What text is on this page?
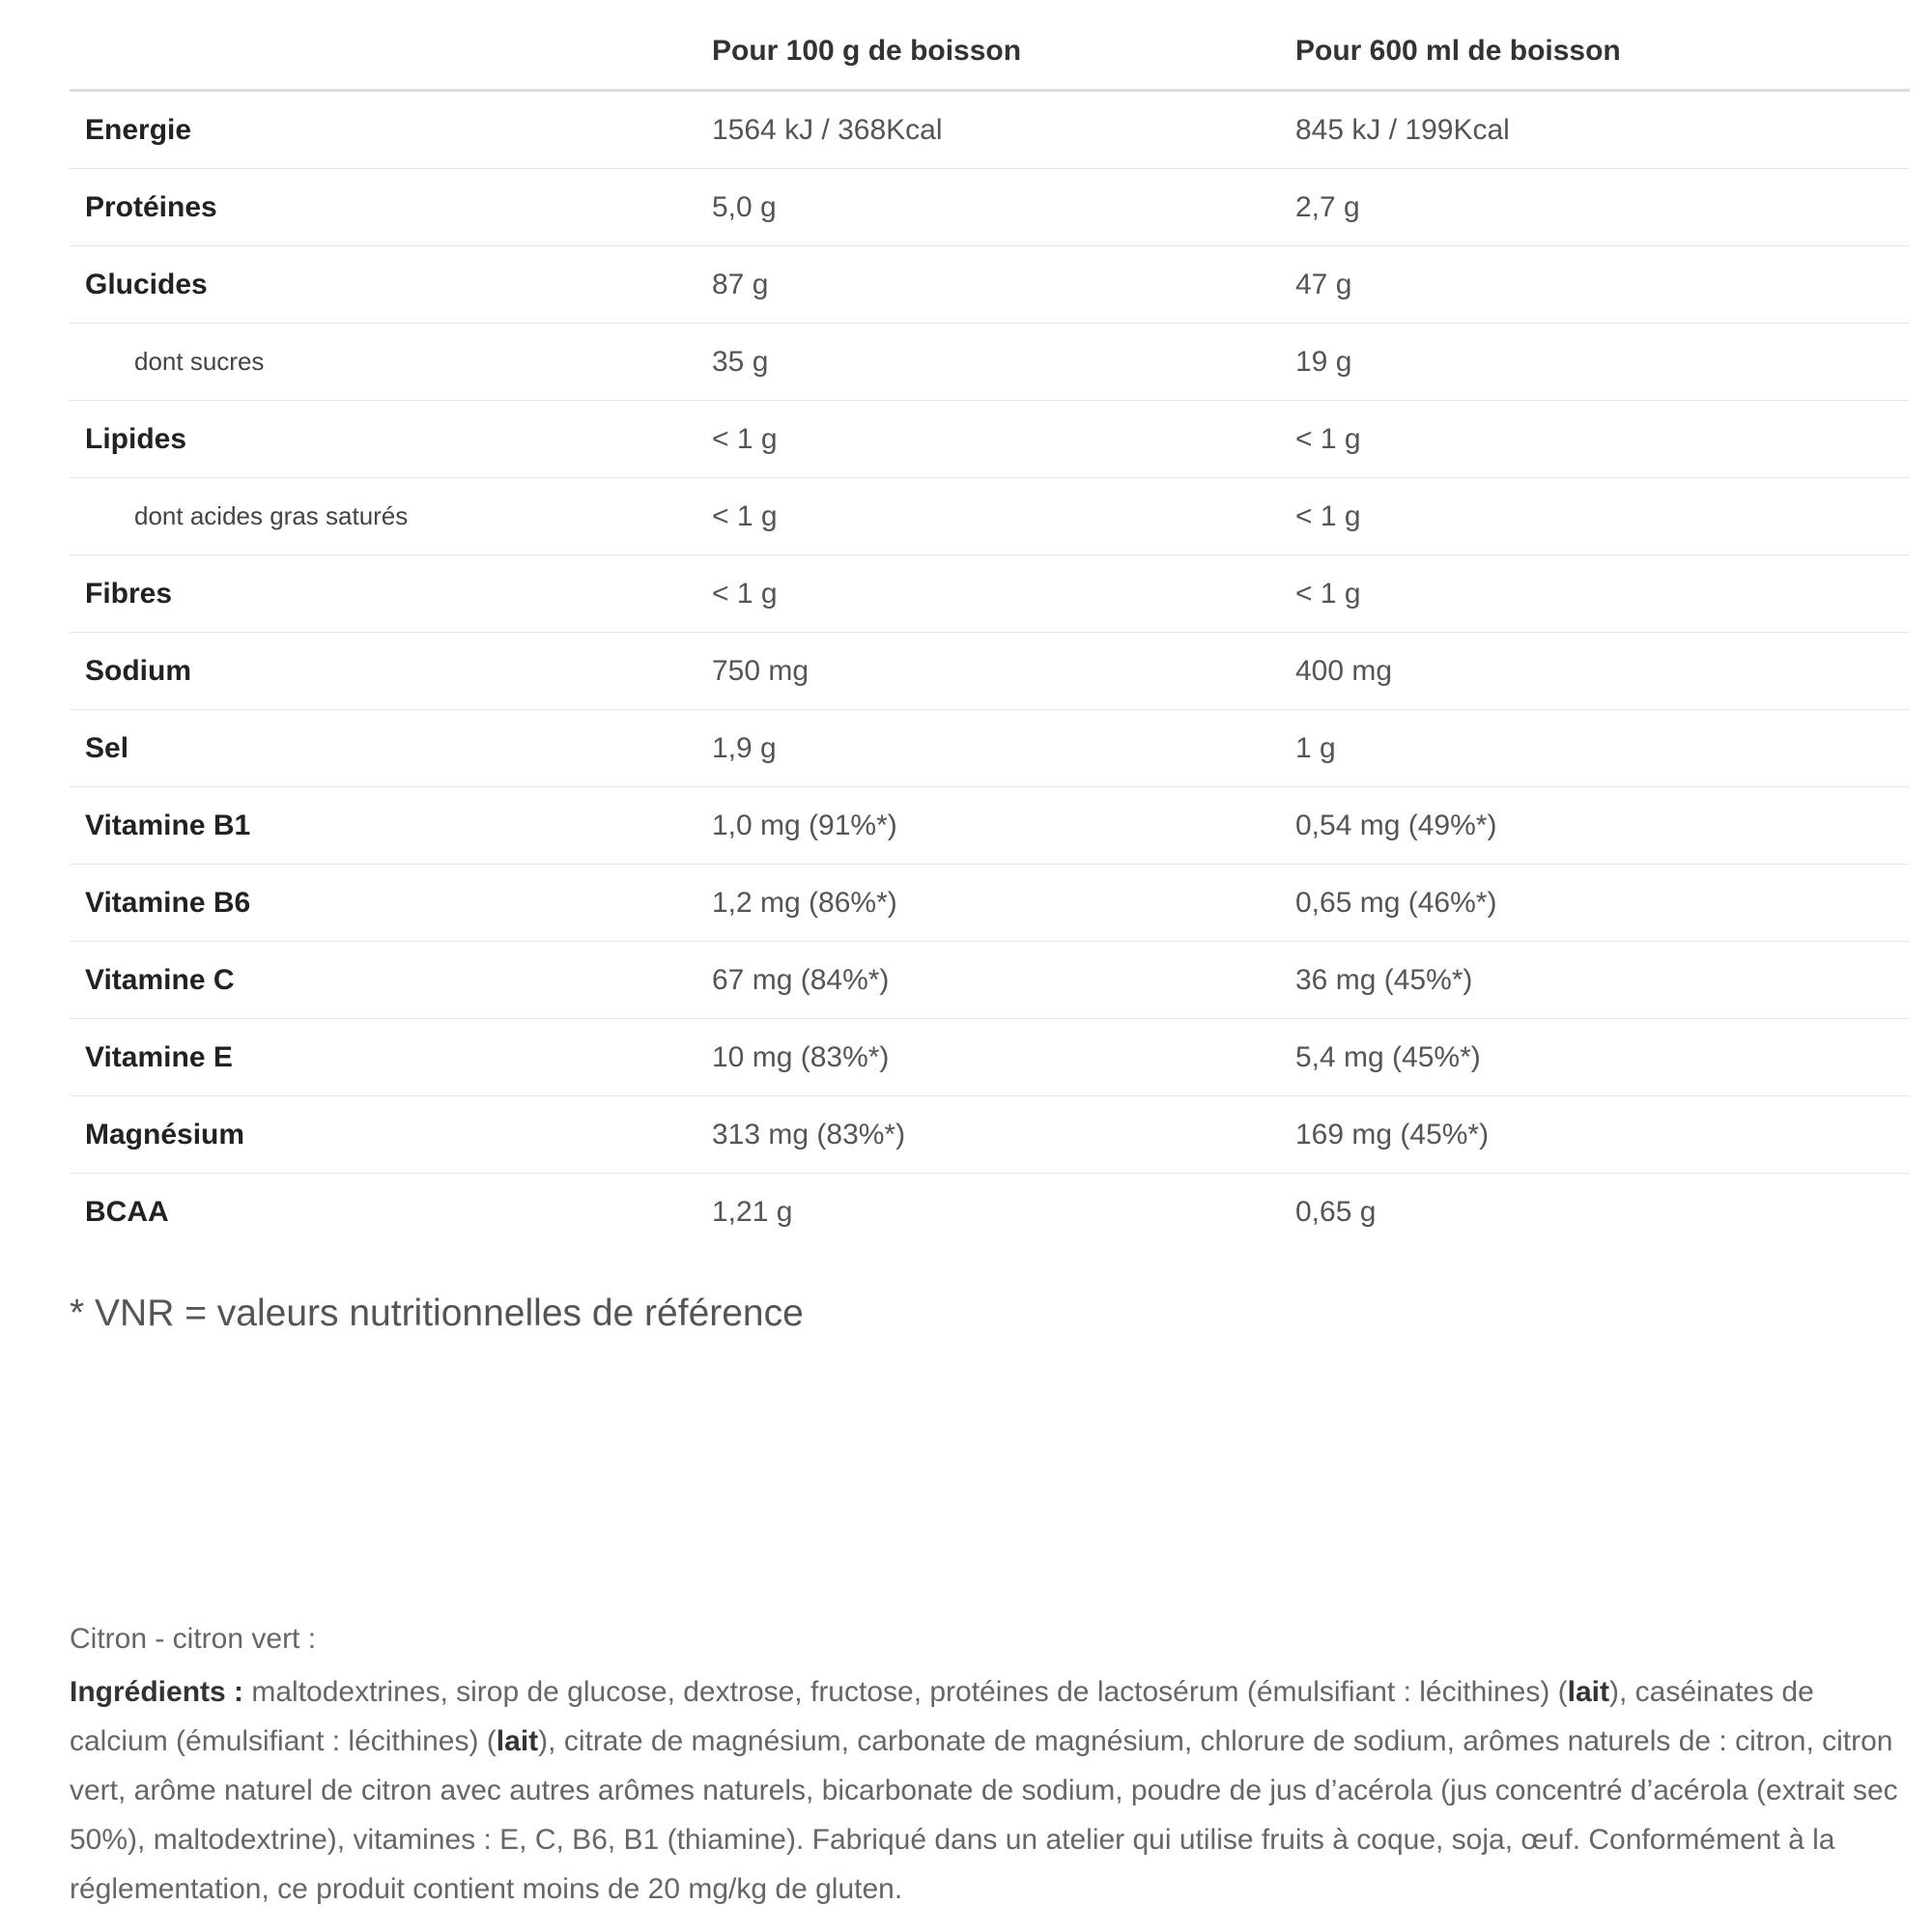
	Pour 100 g de boisson	Pour 600 ml de boisson
Energie	1564 kJ / 368Kcal	845 kJ / 199Kcal
Protéines	5,0 g	2,7 g
Glucides	87 g	47 g
dont sucres	35 g	19 g
Lipides	< 1 g	< 1 g
dont acides gras saturés	< 1 g	< 1 g
Fibres	< 1 g	< 1 g
Sodium	750 mg	400 mg
Sel	1,9 g	1 g
Vitamine B1	1,0 mg (91%*)	0,54 mg (49%*)
Vitamine B6	1,2 mg (86%*)	0,65 mg (46%*)
Vitamine C	67 mg (84%*)	36 mg (45%*)
Vitamine E	10 mg (83%*)	5,4 mg (45%*)
Magnésium	313 mg (83%*)	169 mg (45%*)
BCAA	1,21 g	0,65 g
* VNR = valeurs nutritionnelles de référence
Citron - citron vert :
Ingrédients : maltodextrines, sirop de glucose, dextrose, fructose, protéines de lactosérum (émulsifiant : lécithines) (lait), caséinates de calcium (émulsifiant : lécithines) (lait), citrate de magnésium, carbonate de magnésium, chlorure de sodium, arômes naturels de : citron, citron vert, arôme naturel de citron avec autres arômes naturels, bicarbonate de sodium, poudre de jus d’acérola (jus concentré d’acérola (extrait sec 50%), maltodextrine), vitamines : E, C, B6, B1 (thiamine). Fabriqué dans un atelier qui utilise fruits à coque, soja, œuf. Conformément à la réglementation, ce produit contient moins de 20 mg/kg de gluten.
